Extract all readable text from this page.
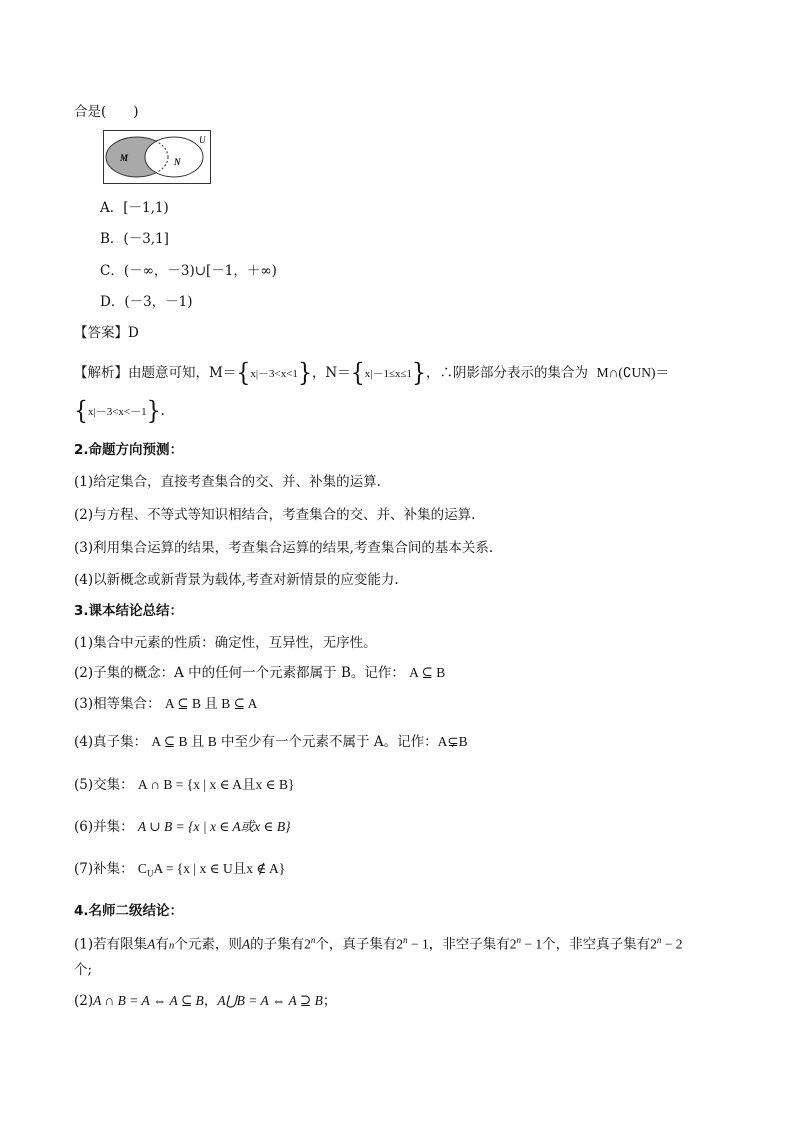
合是(　　)
U
M	N
A．[－1,1)
B．(－3,1]
C．(－∞，－3)∪[－1，＋∞)
D．(－3，－1)
【答案】D
【解析】由题意可知，M＝{x|－3<x<1}，N＝{x|－1≤x≤1}，∴阴影部分表示的集合为 M∩(∁UN)＝
{x|－3<x<－1}.
2.命题方向预测：
(1)给定集合，直接考查集合的交、并、补集的运算.
(2)与方程、不等式等知识相结合，考查集合的交、并、补集的运算.
(3)利用集合运算的结果，考查集合运算的结果,考查集合间的基本关系.
(4)以新概念或新背景为载体,考查对新情景的应变能力.
3.课本结论总结：
(1)集合中元素的性质：确定性，互异性，无序性。
(2)子集的概念：A 中的任何一个元素都属于 B。记作： A ⊆ B
(3)相等集合： A ⊆ B 且 B ⊆ A
(4)真子集： A ⊆ B 且 B 中至少有一个元素不属于 A。记作：A⊊B
(5)交集： A ∩ B = {x | x ∈ A且x ∈ B}
(6)并集： A ∪ B = {x | x ∈ A或x ∈ B}
(7)补集： $C_UA = \{x$ | x ∈ U且x ∉ A}
4.名师二级结论：
(1)若有限集A有n个元素，则A的子集有2$^n$个，真子集有$2^n - 1$，非空子集有$2^n - 1$个，非空真子集有$2^n - 2$
个;
(2)A ∩ B = A ⇔ A ⊆ B，A⋃B = A ⇔ A ⊇ B；
